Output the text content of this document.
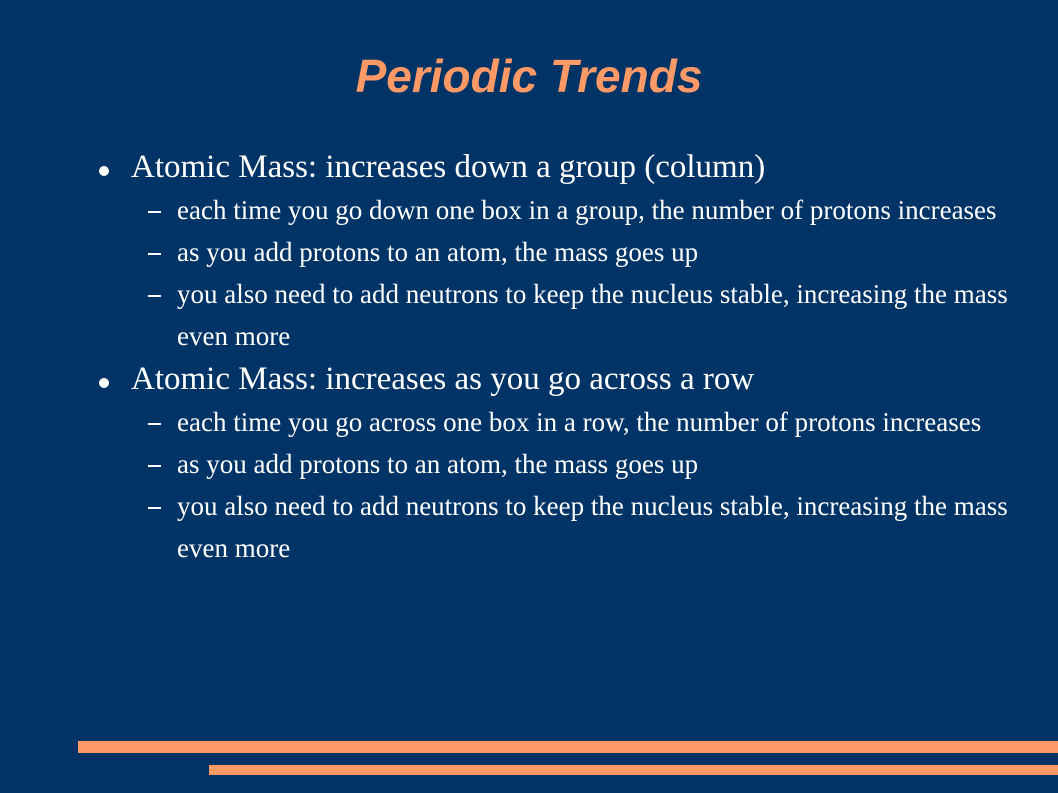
Periodic Trends

Atomic Mass: increases down a group (column)

each time you go down one box in a group, the number of protons increases

as you add protons to an atom, the mass goes up

you also need to add neutrons to keep the nucleus stable, increasing the mass even more

Atomic Mass: increases as you go across a row

each time you go across one box in a row, the number of protons increases

as you add protons to an atom, the mass goes up

you also need to add neutrons to keep the nucleus stable, increasing the mass even more
